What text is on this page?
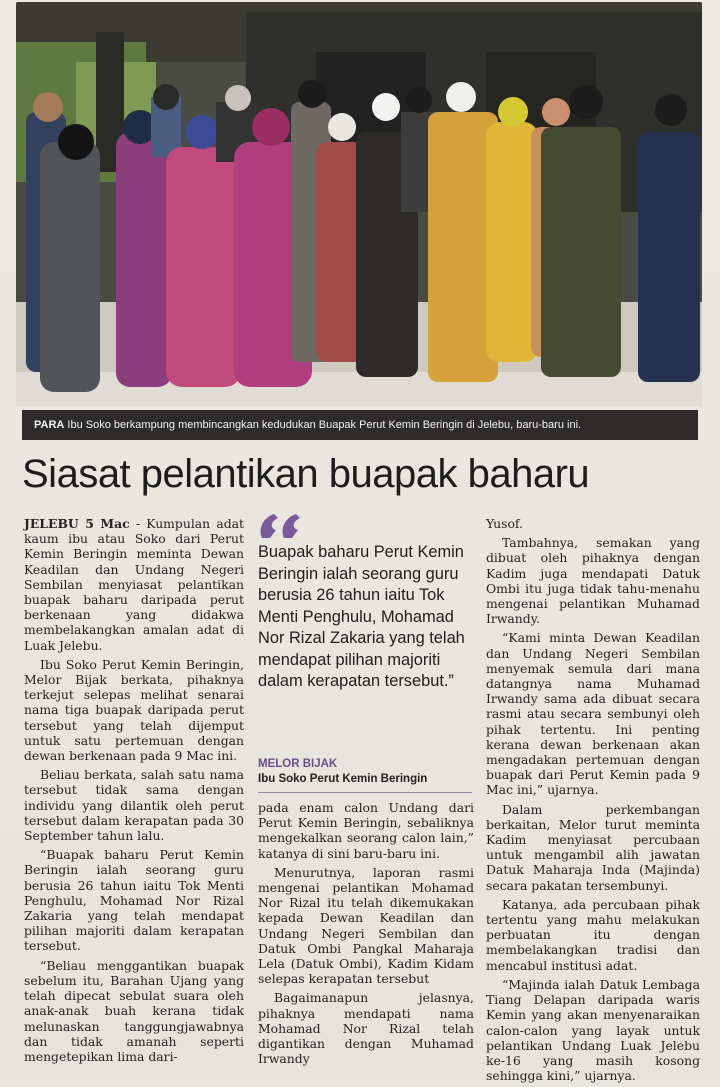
PARA Ibu Soko berkampung membincangkan kedudukan Buapak Perut Kemin Beringin di Jelebu, baru-baru ini.
Siasat pelantikan buapak baharu

JELEBU 5 Mac - Kumpulan adat kaum ibu atau Soko dari Perut Kemin Beringin meminta Dewan Keadilan dan Undang Negeri Sembilan menyiasat pelantikan buapak baharu daripada perut berkenaan yang didakwa membelakangkan amalan adat di Luak Jelebu.

Ibu Soko Perut Kemin Beringin, Melor Bijak berkata, pihaknya terkejut selepas melihat senarai nama tiga buapak daripada perut tersebut yang telah dijemput untuk satu pertemuan dengan dewan berkenaan pada 9 Mac ini.

Beliau berkata, salah satu nama tersebut tidak sama dengan individu yang dilantik oleh perut tersebut dalam kerapatan pada 30 September tahun lalu.

“Buapak baharu Perut Kemin Beringin ialah seorang guru berusia 26 tahun iaitu Tok Menti Penghulu, Mohamad Nor Rizal Zakaria yang telah mendapat pilihan majoriti dalam kerapatan tersebut.

“Beliau menggantikan buapak sebelum itu, Barahan Ujang yang telah dipecat sebulat suara oleh anak-anak buah kerana tidak melunaskan tanggungjawabnya dan tidak amanah seperti mengetepikan lima dari-

Buapak baharu Perut Kemin Beringin ialah seorang guru berusia 26 tahun iaitu Tok Menti Penghulu, Mohamad Nor Rizal Zakaria yang telah mendapat pilihan majoriti dalam kerapatan tersebut.”
MELOR BIJAK
Ibu Soko Perut Kemin Beringin

pada enam calon Undang dari Perut Kemin Beringin, sebaliknya mengekalkan seorang calon lain,” katanya di sini baru-baru ini.

Menurutnya, laporan rasmi mengenai pelantikan Mohamad Nor Rizal itu telah dikemukakan kepada Dewan Keadilan dan Undang Negeri Sembilan dan Datuk Ombi Pangkal Maharaja Lela (Datuk Ombi), Kadim Kidam selepas kerapatan tersebut

Bagaimanapun jelasnya, pihaknya mendapati nama Mohamad Nor Rizal telah digantikan dengan Muhamad Irwandy

Yusof.

Tambahnya, semakan yang dibuat oleh pihaknya dengan Kadim juga mendapati Datuk Ombi itu juga tidak tahu-menahu mengenai pelantikan Muhamad Irwandy.

“Kami minta Dewan Keadilan dan Undang Negeri Sembilan menyemak semula dari mana datangnya nama Muhamad Irwandy sama ada dibuat secara rasmi atau secara sembunyi oleh pihak tertentu. Ini penting kerana dewan berkenaan akan mengadakan pertemuan dengan buapak dari Perut Kemin pada 9 Mac ini,” ujarnya.

Dalam perkembangan berkaitan, Melor turut meminta Kadim menyiasat percubaan untuk mengambil alih jawatan Datuk Maharaja Inda (Majinda) secara pakatan tersembunyi.

Katanya, ada percubaan pihak tertentu yang mahu melakukan perbuatan itu dengan membelakangkan tradisi dan mencabul institusi adat.

“Majinda ialah Datuk Lembaga Tiang Delapan daripada waris Kemin yang akan menyenaraikan calon-calon yang layak untuk pelantikan Undang Luak Jelebu ke-16 yang masih kosong sehingga kini,” ujarnya.
